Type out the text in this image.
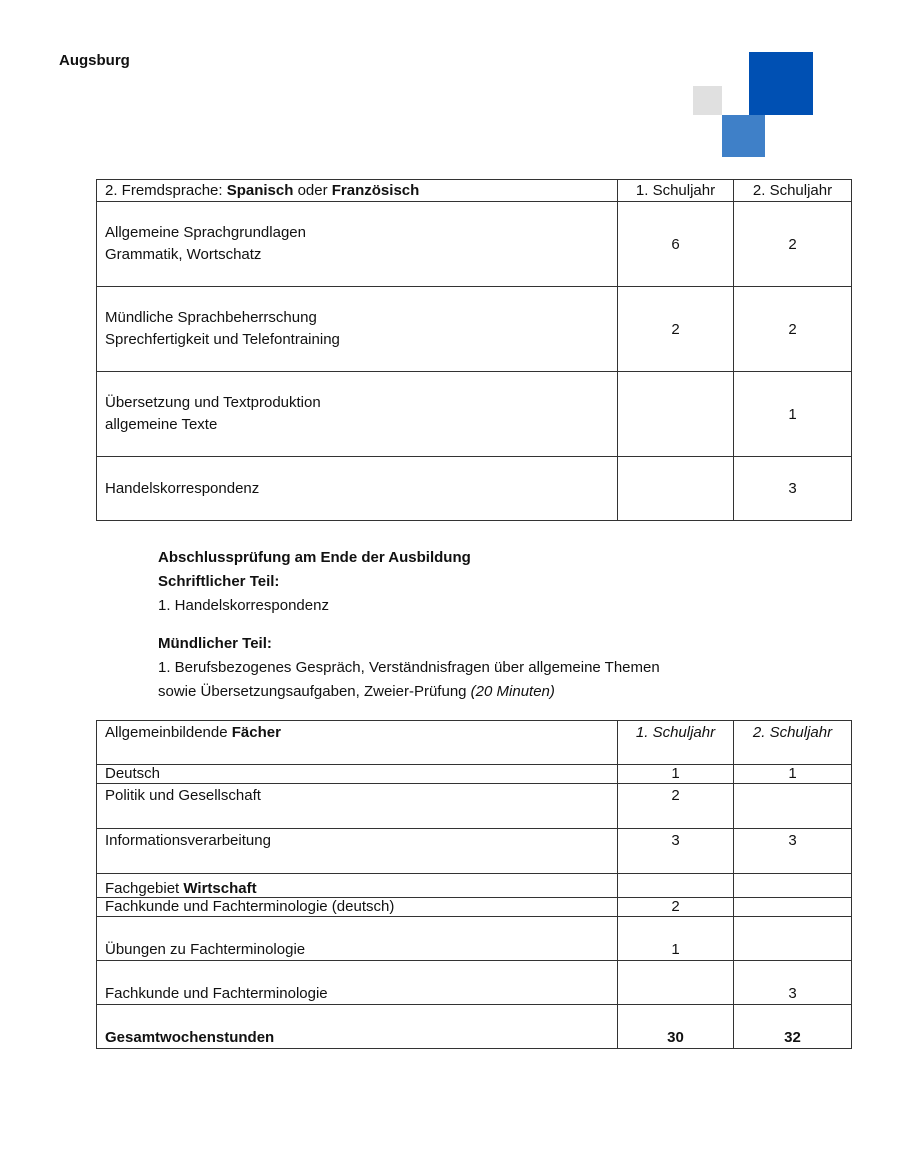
Augsburg
2. Fremdsprache: Spanisch oder Französisch	1. Schuljahr	2. Schuljahr

Allgemeine Sprachgrundlagen
Grammatik, Wortschatz	6	2

Mündliche Sprachbeherrschung
Sprechfertigkeit und Telefontraining	2	2

Übersetzung und Textproduktion
allgemeine Texte		1
Handelskorrespondenz		3
Abschlussprüfung am Ende der Ausbildung
Schriftlicher Teil:
1. Handelskorrespondenz
Mündlicher Teil:
1. Berufsbezogenes Gespräch, Verständnisfragen über allgemeine Themen
sowie Übersetzungsaufgaben, Zweier-Prüfung (20 Minuten)
Allgemeinbildende Fächer	1. Schuljahr	2. Schuljahr
Deutsch	1	1
Politik und Gesellschaft	2	
Informationsverarbeitung	3	3
Fachgebiet Wirtschaft		
Fachkunde und Fachterminologie (deutsch)	2	
Übungen zu Fachterminologie	1	
Fachkunde und Fachterminologie		3
Gesamtwochenstunden	30	32
